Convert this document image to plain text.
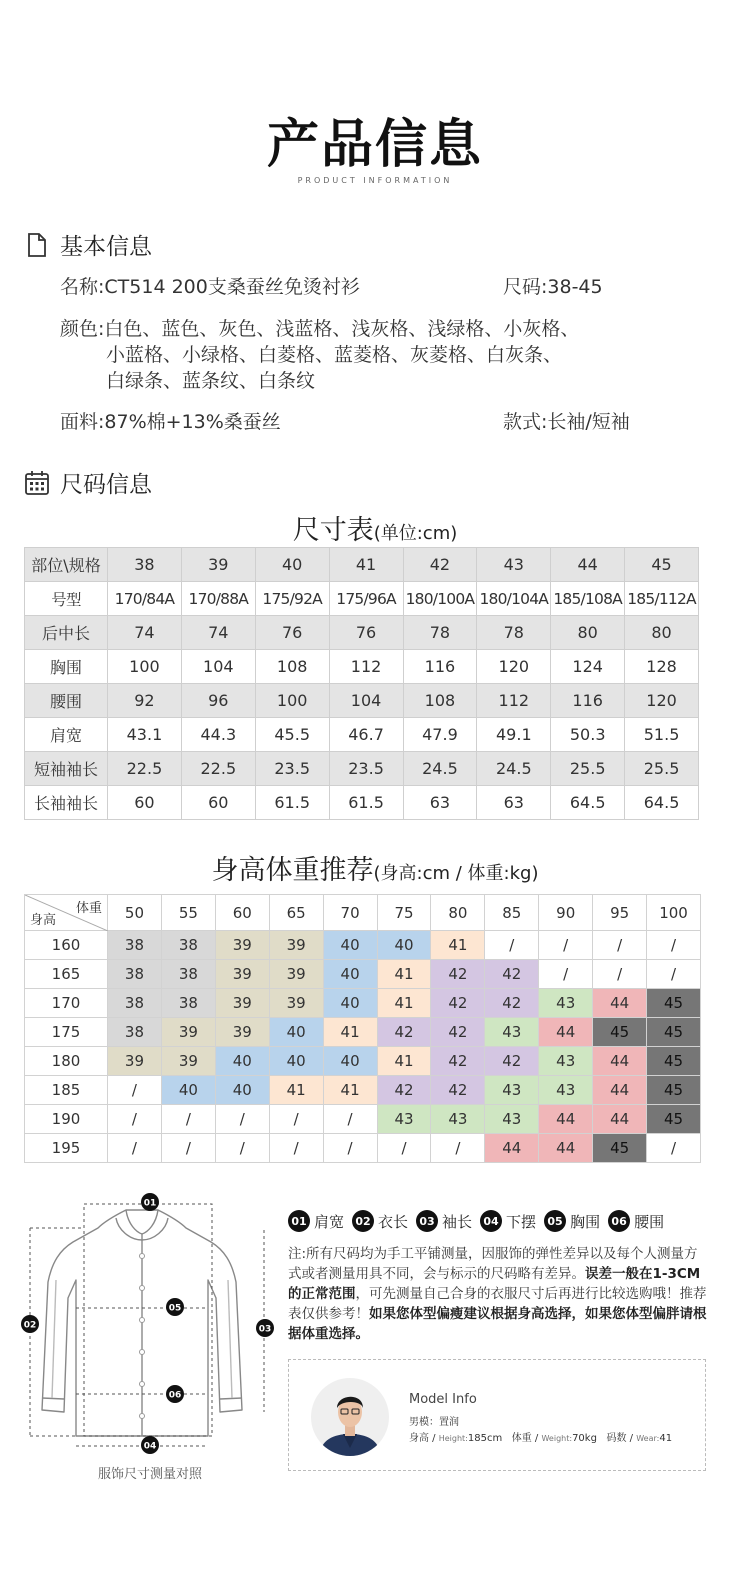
产品信息
PRODUCT INFORMATION
基本信息
名称:CT514 200支桑蚕丝免烫衬衫	尺码:38-45
颜色:白色、蓝色、灰色、浅蓝格、浅灰格、浅绿格、小灰格、
小蓝格、小绿格、白菱格、蓝菱格、灰菱格、白灰条、
白绿条、蓝条纹、白条纹
面料:87%棉+13%桑蚕丝	款式:长袖/短袖
尺码信息
尺寸表(单位:cm)
部位\规格	38	39	40	41	42	43	44	45
号型	170/84A	170/88A	175/92A	175/96A	180/100A	180/104A	185/108A	185/112A
后中长	74	74	76	76	78	78	80	80
胸围	100	104	108	112	116	120	124	128
腰围	92	96	100	104	108	112	116	120
肩宽	43.1	44.3	45.5	46.7	47.9	49.1	50.3	51.5
短袖袖长	22.5	22.5	23.5	23.5	24.5	24.5	25.5	25.5
长袖袖长	60	60	61.5	61.5	63	63	64.5	64.5
身高体重推荐(身高:cm / 体重:kg)
体重
身高	50	55	60	65	70	75	80	85	90	95	100
160	38	38	39	39	40	40	41	/	/	/	/
165	38	38	39	39	40	41	42	42	/	/	/
170	38	38	39	39	40	41	42	42	43	44	45
175	38	39	39	40	41	42	42	43	44	45	45
180	39	39	40	40	40	41	42	42	43	44	45
185	/	40	40	41	41	42	42	43	43	44	45
190	/	/	/	/	/	43	43	43	44	44	45
195	/	/	/	/	/	/	/	44	44	45	/
01
02	03
04
05
06
服饰尺寸测量对照
01 肩宽	02 衣长	03 袖长	04 下摆	05 胸围	06 腰围
注:所有尺码均为手工平铺测量，因服饰的弹性差异以及每个人测量方式或者测量用具不同，会与标示的尺码略有差异。误差一般在1-3CM的正常范围，可先测量自己合身的衣服尺寸后再进行比较选购哦！推荐表仅供参考！如果您体型偏瘦建议根据身高选择，如果您体型偏胖请根据体重选择。
Model Info
男模：置润
身高 / Height:185cm 体重 / Weight:70kg 码数 / Wear:41
